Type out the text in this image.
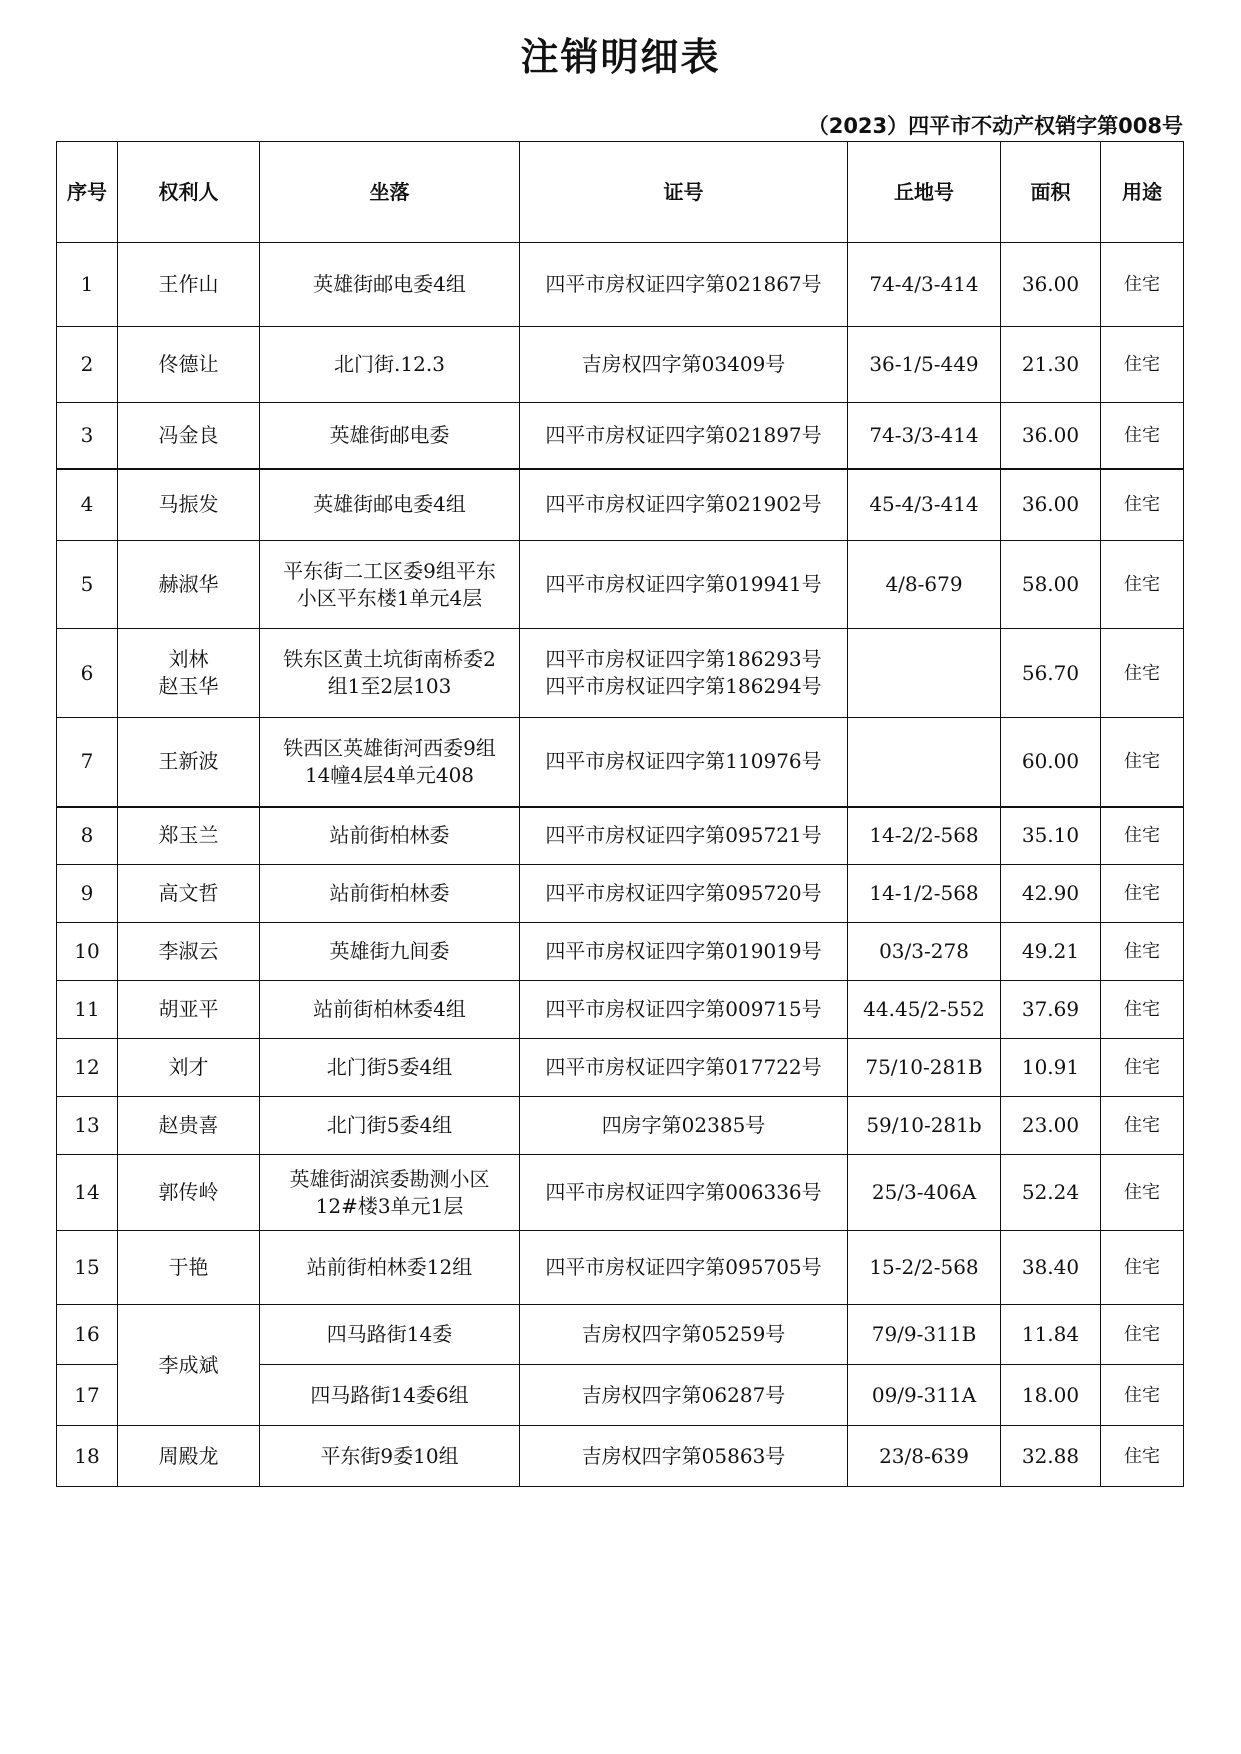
注销明细表
（2023）四平市不动产权销字第008号
序号	权利人	坐落	证号	丘地号	面积	用途
1	王作山	英雄街邮电委4组	四平市房权证四字第021867号	74-4/3-414	36.00	住宅
2	佟德让	北门街.12.3	吉房权四字第03409号	36-1/5-449	21.30	住宅
3	冯金良	英雄街邮电委	四平市房权证四字第021897号	74-3/3-414	36.00	住宅
4	马振发	英雄街邮电委4组	四平市房权证四字第021902号	45-4/3-414	36.00	住宅
5	赫淑华	平东街二工区委9组平东
小区平东楼1单元4层	四平市房权证四字第019941号	4/8-679	58.00	住宅
6	刘林
赵玉华	铁东区黄土坑街南桥委2
组1至2层103	四平市房权证四字第186293号
四平市房权证四字第186294号		56.70	住宅
7	王新波	铁西区英雄街河西委9组
14幢4层4单元408	四平市房权证四字第110976号		60.00	住宅
8	郑玉兰	站前街柏林委	四平市房权证四字第095721号	14-2/2-568	35.10	住宅
9	高文哲	站前街柏林委	四平市房权证四字第095720号	14-1/2-568	42.90	住宅
10	李淑云	英雄街九间委	四平市房权证四字第019019号	03/3-278	49.21	住宅
11	胡亚平	站前街柏林委4组	四平市房权证四字第009715号	44.45/2-552	37.69	住宅
12	刘才	北门街5委4组	四平市房权证四字第017722号	75/10-281B	10.91	住宅
13	赵贵喜	北门街5委4组	四房字第02385号	59/10-281b	23.00	住宅
14	郭传岭	英雄街湖滨委勘测小区
12#楼3单元1层	四平市房权证四字第006336号	25/3-406A	52.24	住宅
15	于艳	站前街柏林委12组	四平市房权证四字第095705号	15-2/2-568	38.40	住宅
16	李成斌	四马路街14委	吉房权四字第05259号	79/9-311B	11.84	住宅
17		四马路街14委6组	吉房权四字第06287号	09/9-311A	18.00	住宅
18	周殿龙	平东街9委10组	吉房权四字第05863号	23/8-639	32.88	住宅
